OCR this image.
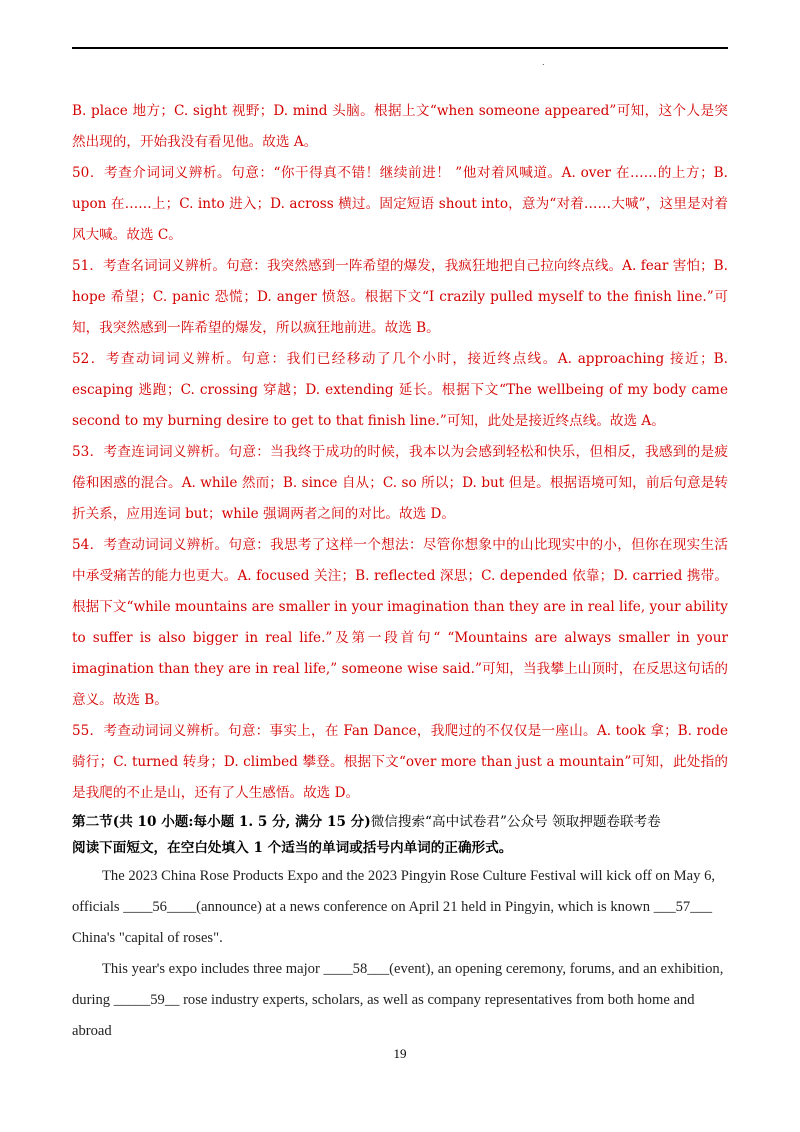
.

B. place 地方；C. sight 视野；D. mind 头脑。根据上文“when someone appeared”可知，这个人是突然出现的，开始我没有看见他。故选 A。

50．考查介词词义辨析。句意：“你干得真不错！继续前进！ ”他对着风喊道。A. over 在……的上方；B. upon 在……上；C. into 进入；D. across 横过。固定短语 shout into，意为“对着……大喊”，这里是对着风大喊。故选 C。

51．考查名词词义辨析。句意：我突然感到一阵希望的爆发，我疯狂地把自己拉向终点线。A. fear 害怕；B. hope 希望；C. panic 恐慌；D. anger 愤怒。根据下文“I crazily pulled myself to the finish line.”可知，我突然感到一阵希望的爆发，所以疯狂地前进。故选 B。

52．考查动词词义辨析。句意：我们已经移动了几个小时，接近终点线。A. approaching 接近；B. escaping 逃跑；C. crossing 穿越；D. extending 延长。根据下文“The wellbeing of my body came second to my burning desire to get to that finish line.”可知，此处是接近终点线。故选 A。

53．考查连词词义辨析。句意：当我终于成功的时候，我本以为会感到轻松和快乐，但相反，我感到的是疲倦和困惑的混合。A. while 然而；B. since 自从；C. so 所以；D. but 但是。根据语境可知，前后句意是转折关系，应用连词 but；while 强调两者之间的对比。故选 D。

54．考查动词词义辨析。句意：我思考了这样一个想法：尽管你想象中的山比现实中的小，但你在现实生活中承受痛苦的能力也更大。A. focused 关注；B. reflected 深思；C. depended 依靠；D. carried 携带。根据下文“while mountains are smaller in your imagination than they are in real life, your ability to suffer is also bigger in real life.”及第一段首句“ “Mountains are always smaller in your imagination than they are in real life,” someone wise said.”可知，当我攀上山顶时，在反思这句话的意义。故选 B。

55．考查动词词义辨析。句意：事实上，在 Fan Dance，我爬过的不仅仅是一座山。A. took 拿；B. rode 骑行；C. turned 转身；D. climbed 攀登。根据下文“over more than just a mountain”可知，此处指的是我爬的不止是山，还有了人生感悟。故选 D。

第二节(共 10 小题:每小题 1. 5 分, 满分 15 分)微信搜索“高中试卷君”公众号 领取押题卷联考卷

阅读下面短文，在空白处填入 1 个适当的单词或括号内单词的正确形式。

The 2023 China Rose Products Expo and the 2023 Pingyin Rose Culture Festival will kick off on May 6, officials ____56____(announce) at a news conference on April 21 held in Pingyin, which is known ___57___ China's "capital of roses".

This year's expo includes three major ____58___(event), an opening ceremony, forums, and an exhibition, during _____59__ rose industry experts, scholars, as well as company representatives from both home and abroad

19
